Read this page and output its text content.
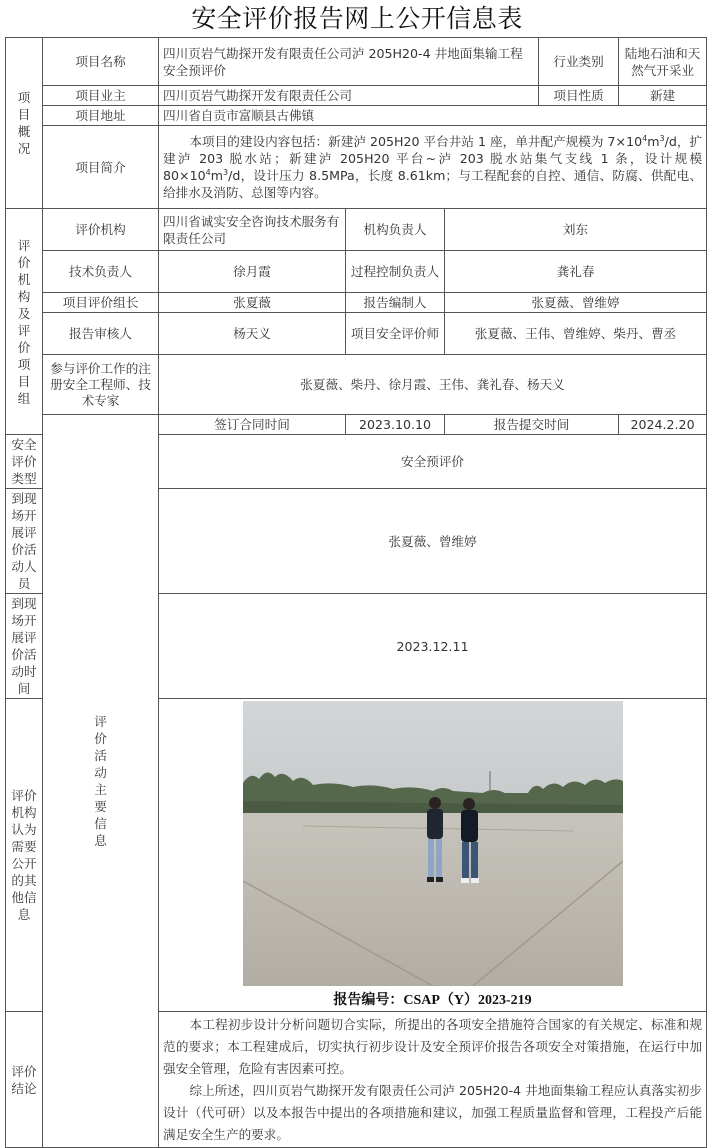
安全评价报告网上公开信息表
项目概况	项目名称	四川页岩气勘探开发有限责任公司泸 205H20-4 井地面集输工程安全预评价			行业类别	陆地石油和天然气开采业
	项目业主	四川页岩气勘探开发有限责任公司			项目性质	新建
	项目地址	四川省自贡市富顺县古佛镇				
	项目简介	本项目的建设内容包括：新建泸 205H20 平台井站 1 座，单井配产规模为 $7\times 10^4m^3/d$，扩建泸 203 脱水站；新建泸 205H20 平台~泸 203 脱水站集气支线 1 条，设计规模 $80\times 10^4m^3/d$，设计压力 8.5MPa，长度 8.61km；与工程配套的自控、通信、防腐、供配电、给排水及消防、总图等内容。				
评价机构及评价项目组	评价机构	四川省诚实安全咨询技术服务有限责任公司	机构负责人	刘东		
	技术负责人	徐月霞	过程控制负责人	龚礼春		
	项目评价组长	张夏薇	报告编制人	张夏薇、曾维婷		
	报告审核人	杨天义	项目安全评价师	张夏薇、王伟、曾维婷、柴丹、曹丞		
	参与评价工作的注册安全工程师、技术专家	张夏薇、柴丹、徐月霞、王伟、龚礼春、杨天义				
	评价活动主要信息	签订合同时间	2023.10.10	报告提交时间		2024.2.20
安全评价类型		安全预评价				
到现场开展评价活动人员		张夏薇、曾维婷				
到现场开展评价活动时间		2023.12.11				
评价机构认为需要公开的其他信息		报告编号：CSAP（Y）2023-219				

评价结论		本工程初步设计分析问题切合实际，所提出的各项安全措施符合国家的有关规定、标准和规范的要求；本工程建成后，切实执行初步设计及安全预评价报告各项安全对策措施，在运行中加强安全管理，危险有害因素可控。
综上所述，四川页岩气勘探开发有限责任公司泸 205H20-4 井地面集输工程应认真落实初步设计（代可研）以及本报告中提出的各项措施和建议，加强工程质量监督和管理，工程投产后能满足安全生产的要求。				
